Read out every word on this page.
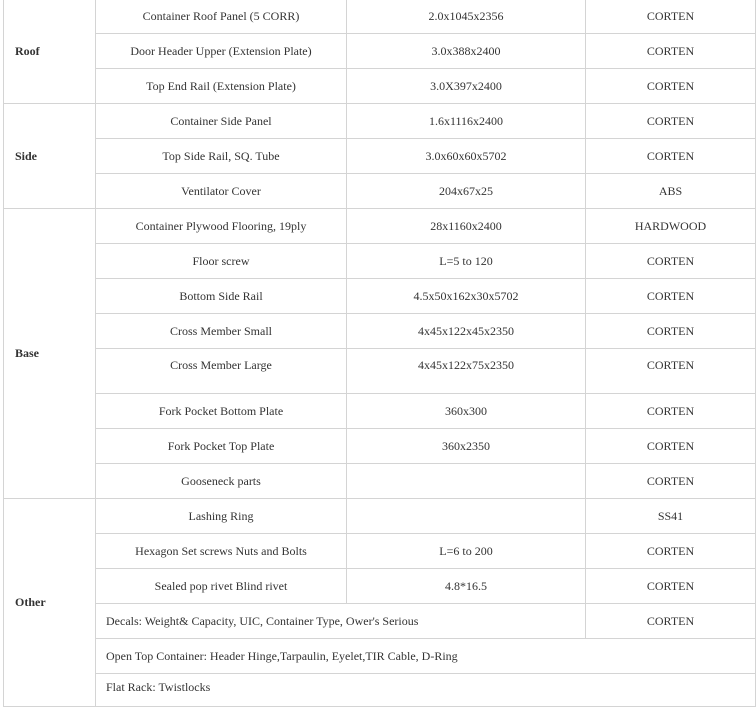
Roof	Container Roof Panel (5 CORR)	2.0x1045x2356	CORTEN
	Door Header Upper (Extension Plate)	3.0x388x2400	CORTEN
	Top End Rail (Extension Plate)	3.0X397x2400	CORTEN
Side	Container Side Panel	1.6x1116x2400	CORTEN
	Top Side Rail, SQ. Tube	3.0x60x60x5702	CORTEN
	Ventilator Cover	204x67x25	ABS
Base	Container Plywood Flooring, 19ply	28x1160x2400	HARDWOOD
	Floor screw	L=5 to 120	CORTEN
	Bottom Side Rail	4.5x50x162x30x5702	CORTEN
	Cross Member Small	4x45x122x45x2350	CORTEN

	Cross Member Large	4x45x122x75x2350	CORTEN

	Fork Pocket Bottom Plate	360x300	CORTEN
	Fork Pocket Top Plate	360x2350	CORTEN
	Gooseneck parts		CORTEN
Other	Lashing Ring		SS41
	Hexagon Set screws Nuts and Bolts	L=6 to 200	CORTEN
	Sealed pop rivet Blind rivet	4.8*16.5	CORTEN
	Decals: Weight& Capacity, UIC, Container Type, Ower's Serious		CORTEN
	Open Top Container: Header Hinge,Tarpaulin, Eyelet,TIR Cable, D-Ring		

	Flat Rack: Twistlocks		
